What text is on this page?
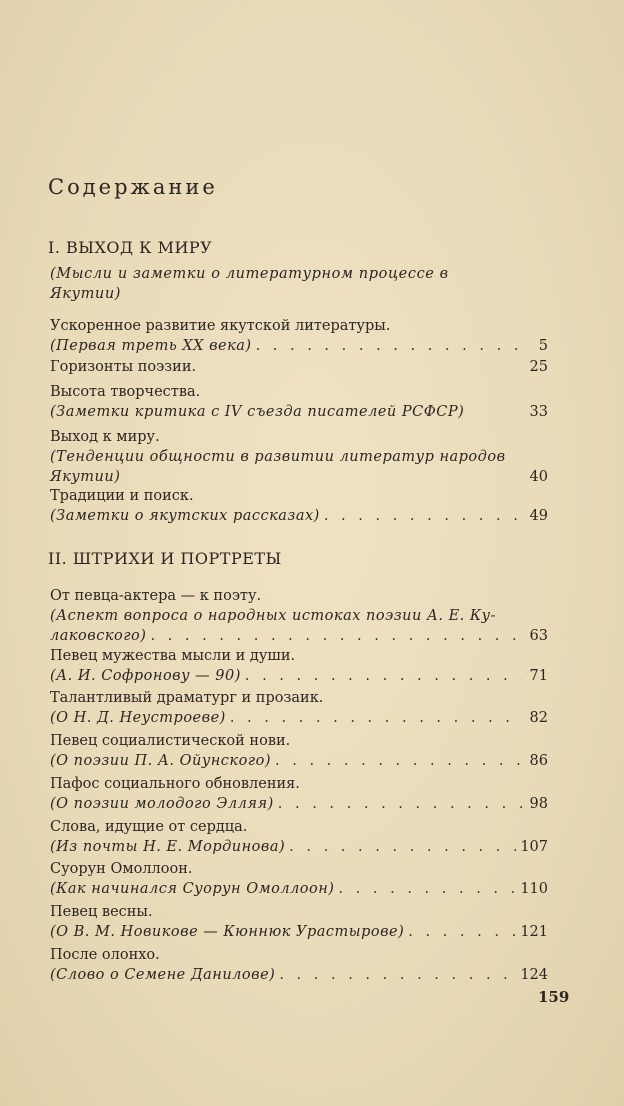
Содержание
I. ВЫХОД К МИРУ
(Мысли и заметки о литературном процессе в Якутии)
Ускоренное развитие якутской литературы.
(Первая треть XX века) . . .	5
Горизонты поэзии.	25
Высота творчества.
(Заметки критика с IV съезда писателей РСФСР)	33
Выход к миру.
(Тенденции общности в развитии литератур народов
Якутии)	40
Традиции и поиск.
(Заметки о якутских рассказах) . . .	49
II. ШТРИХИ И ПОРТРЕТЫ
От певца-актера — к поэту.
(Аспект вопроса о народных истоках поэзии А. Е. Ку-
лаковского) . . .	63
Певец мужества мысли и души.
(А. И. Софронову — 90) . . .	71
Талантливый драматург и прозаик.
(О Н. Д. Неустроеве) . . .	82
Певец социалистической нови.
(О поэзии П. А. Ойунского) . . .	86
Пафос социального обновления.
(О поэзии молодого Элляя) . . .	98
Слова, идущие от сердца.
(Из почты Н. Е. Мординова) . . .	107
Суорун Омоллоон.
(Как начинался Суорун Омоллоон) . . .	110
Певец весны.
(О В. М. Новикове — Кюннюк Урастырове) . . .	121
После олонхо.
(Слово о Семене Данилове) . . .	124
159
